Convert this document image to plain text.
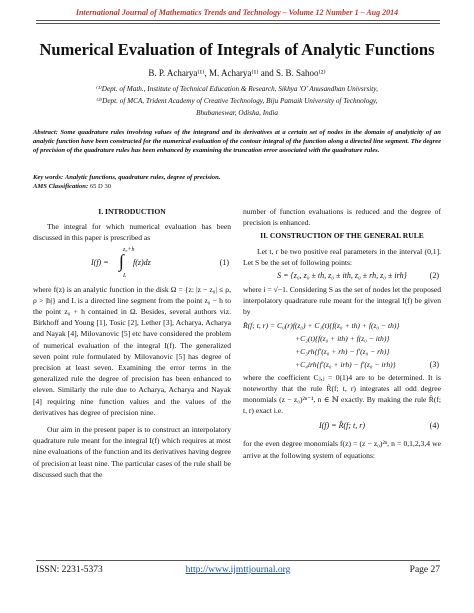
International Journal of Mathematics Trends and Technology – Volume 12 Number 1 – Aug 2014
Numerical Evaluation of Integrals of Analytic Functions
B. P. Acharya⁽¹⁾, M. Acharya⁽¹⁾ and S. B. Sahoo⁽²⁾
⁽¹⁾Dept. of Math., Institute of Technical Education & Research, Sikhya 'O' Anusandhan Univsrsity,
⁽²⁾Dept. of MCA, Trident Academy of Creative Technology, Biju Patnaik University of Technology,
Bhubaneswar, Odisha, India
Abstract: Some quadrature rules involving values of the integrand and its derivatives at a certain set of nodes in the domain of analyticity of an analytic function have been constructed for the numerical evaluation of the contour integral of the function along a directed line segment. The degree of precision of the quadrature rules has been enhanced by examining the truncation error associated with the quadrature rules.
Key words: Analytic functions, quadrature rules, degree of precision.
AMS Classification: 65 D 30
I. INTRODUCTION

The integral for which numerical evaluation has been discussed in this paper is prescribed as

I(f) =
z₀+h
∫
L
f(z)dz	(1)

where f(z) is an analytic function in the disk Ω = {z: |z − z₀| ≤ ρ, ρ > |h|} and L is a directed line segment from the point z₀ − h to the point z₀ + h contained in Ω. Besides, several authors viz. Birkhoff and Young [1], Tosic [2], Lether [3], Acharya, Acharya and Nayak [4], Milovanovic [5] etc have considered the problem of numerical evaluation of the integral I(f). The generalized seven point rule formulated by Milovanovic [5] has degree of precision at least seven. Examining the error terms in the generalized rule the degree of precision has been enhanced to eleven. Similarly the rule due to Acharya, Acharya and Nayak [4] requiring nine function values and the values of the derivatives has degree of precision nine.

Our aim in the present paper is to construct an interpolatory quadrature rule meant for the integral I(f) which requires at most nine evaluations of the function and its derivatives having degree of precision at least nine. The particular cases of the rule shall be discussed such that the

number of function evaluations is reduced and the degree of precision is enhanced.

II. CONSTRUCTION OF THE GENERAL RULE

Let t, r be two positive real parameters in the interval (0,1]. Let S be the set of following points:

S = {z₀, z₀ ± th, z₀ ± ith, z₀ ± rh, z₀ ± irh}	(2)

where i = √−1. Considering S as the set of nodes let the proposed interpolatory quadrature rule meant for the integral I(f) be given by

R̂(f; t, r) = C₀(r)f(z₀) + C₁(t){f(z₀ + th) + f(z₀ − th)}
+C₂(t){f(z₀ + ith) + f(z₀ − ith)}
+C₃rh{f′(z₀ + rh) − f′(z₀ − rh)}
+C₄irh{f′(z₀ + irh) − f′(z₀ − irh)}	(3)

where the coefficient Cⱼ,ⱼ = 0(1)4 are to be determined. It is noteworthy that the rule R̂(f; t, r) integrates all odd degree monomials (z − z₀)²ⁿ⁻¹, n ∈ ℕ exactly. By making the rule R̂(f; t, r) exact i.e.

I(f) = R̂(f; t, r)	(4)

for the even degree monomials f(z) = (z − z₀)²ⁿ, n = 0,1,2,3,4 we arrive at the following system of equations:

ISSN: 2231-5373	http://www.ijmttjournal.org	Page 27
